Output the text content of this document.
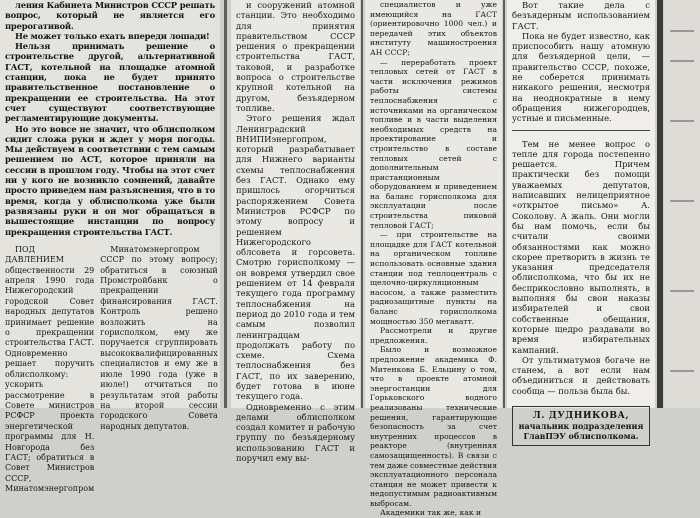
ления Кабинета Министров СССР решать вопрос, который не является его прерогативой.

Не может только ехать впереди лошади!

Нельзя принимать решение о строительстве другой, альтернативной ГАСТ, котельной на площадке атомной станции, пока не будет принято правительственное постановление о прекращении ее строительства. На этот счет существуют соответствующие регламентирующие документы.

Но это вовсе не значит, что облисполком сидит сложа руки и ждет у моря погоды. Мы действуем в соответствии с тем самым решением по АСТ, которое приняли на сессии в прошлом году. Чтобы на этот счет ни у кого не возникло сомнений, давайте просто приведем нам разъяснения, что в то время, когда у облисполкома уже были развязаны руки и он мог обращаться в вышестоящие инстанции по вопросу прекращения строительства ГАСТ.

ПОД ДАВЛЕНИЕМ общественности 29 апреля 1990 года Нижегородский городской Совет народных депутатов принимает решение о прекращении строительства ГАСТ. Одновременно решает поручить облисполкому: ускорить рассмотрение в Совете министров РСФСР проекта энергетической программы для Н. Новгорода без ГАСТ; обратиться в Совет Министров СССР, Минатомэнергопром

Минатомэнергопром СССР по этому вопросу; обратиться в союзный Промстройбанк о прекращении финансирования ГАСТ. Контроль решено возложить на горисполком, ему же поручается сгруппировать высококвалифицированных специалистов и ему же в июле 1990 года (уже в июле!) отчитаться по результатам этой работы на второй сессии городского Совета народных депутатов.

и сооружений атомной станции. Это необходимо для принятия правительством СССР решения о прекращении строительства ГАСТ, таковой, и разработке вопроса о строительстве крупной котельной на другом, безъядерном топливе.

Этого решения ждал Ленинградский ВНИПИэнергопром, который разрабатывает для Нижнего варианты схемы теплоснабжения без ГАСТ. Однако ему пришлось огорчиться распоряжением Совета Министров РСФСР по этому вопросу и решением Нижегородского облсовета и горсовета. Смотрю горисполкому — он вовремя утвердил свое решением от 14 февраля текущего года программу теплоснабжения на период до 2010 года и тем самым позволил ленинградцам продолжать работу по схеме. Схема теплоснабжения без ГАСТ, по их заверению, будет готова в июне текущего года.

Одновременно с этим делами облисполком создал комитет и рабочую группу по безъядерному использованию ГАСТ и поручил ему вы-

специалистов и уже имеющийся на ГАСТ (ориентировочно 1000 чел.) и передачей этих объектов институту машиностроения АН СССР;

— переработать проект тепловых сетей от ГАСТ в части исключения режимов работы системы теплоснабжения с источниками на органическом топливе и в части выделения необходимых средств на проектирование и строительство в составе тепловых сетей с дополнительным пристанционным оборудованием и приведением на баланс горисполкома для эксплуатации после строительства пиковой тепловой ГАСТ;

— при строительстве на площадке для ГАСТ котельной на органическом топливе использовать основные здания станции под теплоцентраль с щелочно-циркуляционным насосом, а также разместить радиозащитные пункты на баланс горисполкома мощностью 350 мегаватт.

Рассмотрели и другие предложения.

Было и возможное предложение академика Ф. Митенкова Б. Ельцину о том, что в проекте атомной энергостанции для Горьковского водного реализованы технические решения, гарантирующие безопасность за счет внутренних процессов в реакторе (внутренняя самозащищенность). В связи с тем даже совместные действия эксплуатационного персонала станция не может привести к недопустимым радиоактивным выбросам.

Академики так же, как и

Вот такие дела с безъядерным использованием ГАСТ.

Пока не будет известно, как приспособить нашу атомную для безъядерной цели, — правительство СССР, похоже, не соберется принимать никакого решения, несмотря на неоднократные в нему обращения нижегородцев, устные и письменные.

Тем не менее вопрос о тепле для города постепенно решается. Причем практически без помощи уважаемых депутатов, написавших нелицеприятное «открытое письмо» А. Соколову. А жаль. Они могли бы нам помочь, если бы считали своими обязанностями как можно скорее претворить в жизнь те указания председателя облисполкома, что бы их не бесприкословно выполнять, в выполняя бы свои наказы избирателей и свои собственные обещания, которые щедро раздавали во время избирательных кампаний.

От ультиматумов богаче не станем, а вот если нам объединиться и действовать сообща — польза была бы.

Л. ДУДНИКОВА,
начальник подразделения ГлавПЭУ облисполкома.
